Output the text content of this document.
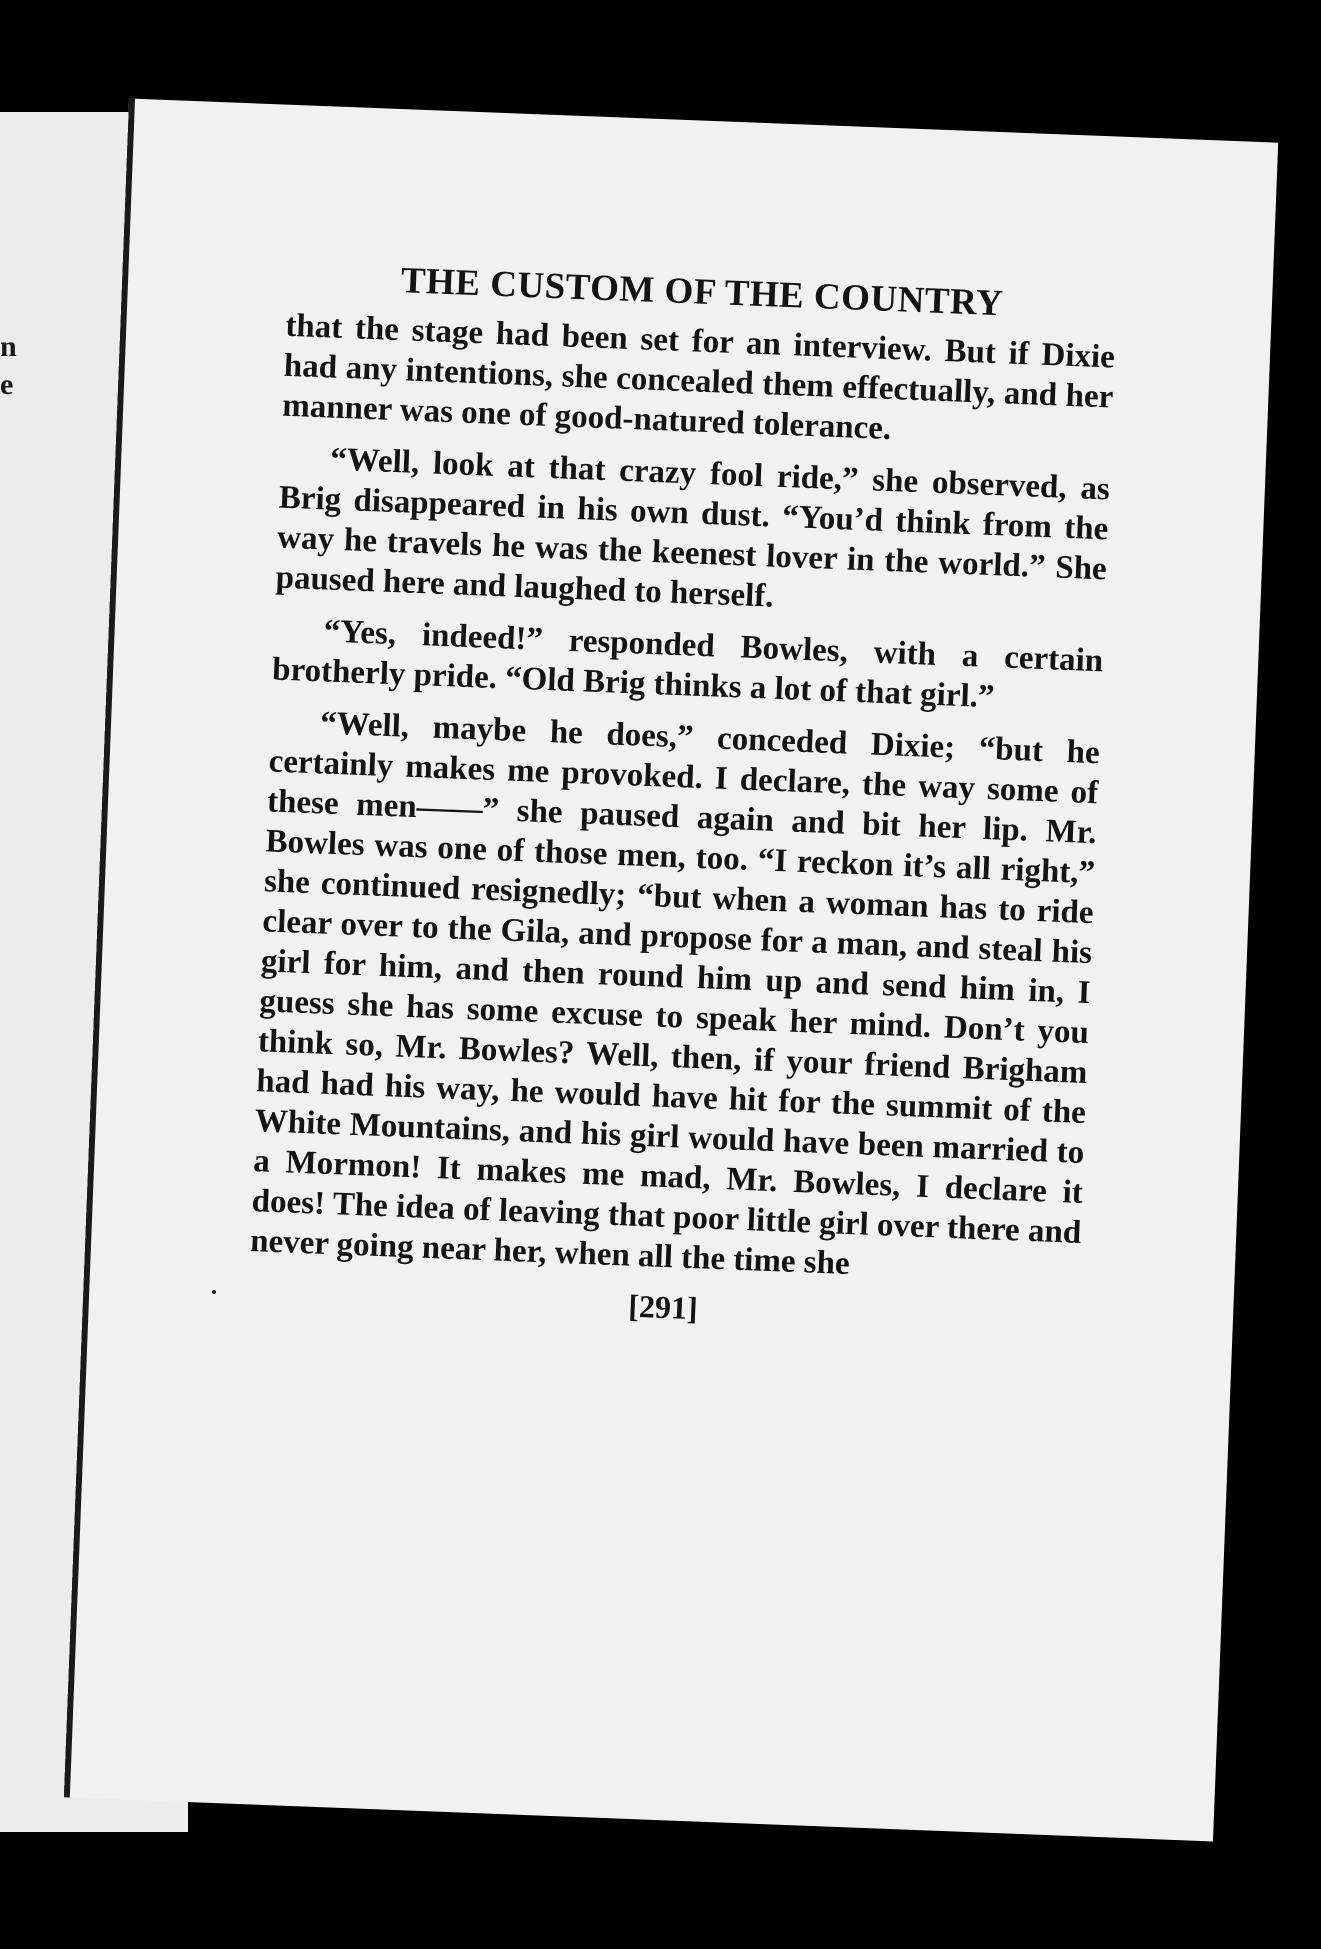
n
e
THE CUSTOM OF THE COUNTRY

that the stage had been set for an interview. But if Dixie had any intentions, she concealed them effectually, and her manner was one of good-natured tolerance.

“Well, look at that crazy fool ride,” she observed, as Brig disappeared in his own dust. “You’d think from the way he travels he was the keenest lover in the world.” She paused here and laughed to herself.

“Yes, indeed!” responded Bowles, with a certain brotherly pride. “Old Brig thinks a lot of that girl.”

“Well, maybe he does,” conceded Dixie; “but he certainly makes me provoked. I declare, the way some of these men——” she paused again and bit her lip. Mr. Bowles was one of those men, too. “I reckon it’s all right,” she continued resignedly; “but when a woman has to ride clear over to the Gila, and propose for a man, and steal his girl for him, and then round him up and send him in, I guess she has some excuse to speak her mind. Don’t you think so, Mr. Bowles? Well, then, if your friend Brigham had had his way, he would have hit for the summit of the White Mountains, and his girl would have been married to a Mormon! It makes me mad, Mr. Bowles, I declare it does! The idea of leaving that poor little girl over there and never going near her, when all the time she

[291]
